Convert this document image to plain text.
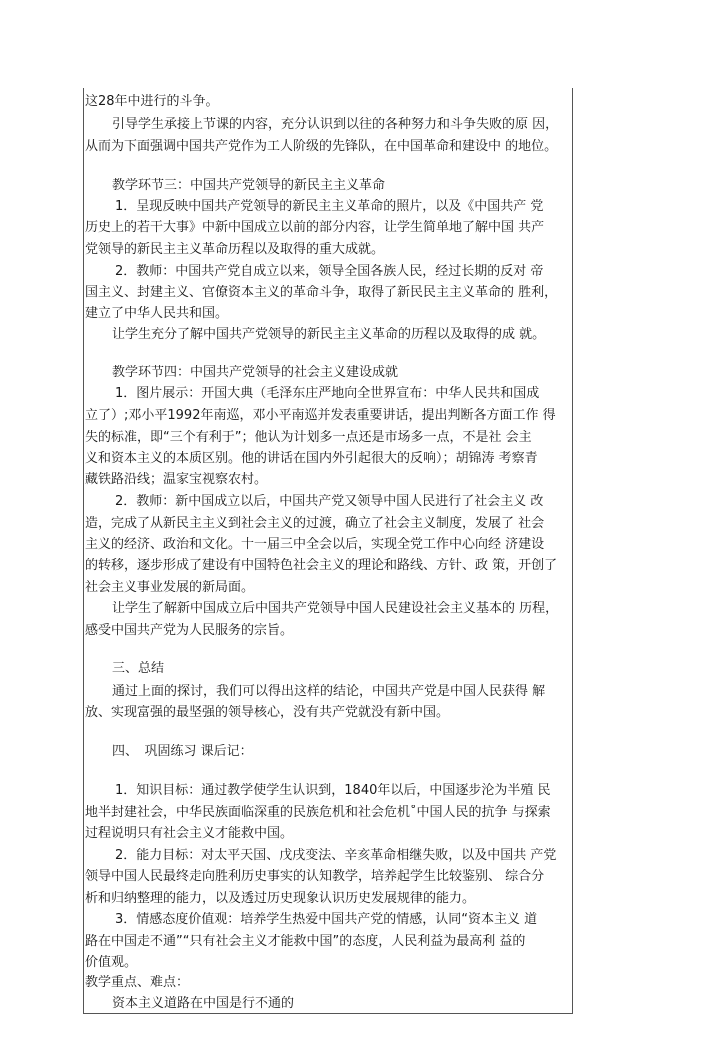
这28年中进行的斗争。
引导学生承接上节课的内容，充分认识到以往的各种努力和斗争失败的原 因，
从而为下面强调中国共产党作为工人阶级的先锋队，在中国革命和建设中 的地位。
教学环节三：中国共产党领导的新民主主义革命
1．呈现反映中国共产党领导的新民主主义革命的照片，以及《中国共产 党
历史上的若干大事》中新中国成立以前的部分内容，让学生简单地了解中国 共产
党领导的新民主主义革命历程以及取得的重大成就。
2．教师：中国共产党自成立以来，领导全国各族人民，经过长期的反对 帝
国主义、封建主义、官僚资本主义的革命斗争，取得了新民民主主义革命的 胜利，
建立了中华人民共和国。
让学生充分了解中国共产党领导的新民主主义革命的历程以及取得的成 就。
教学环节四：中国共产党领导的社会主义建设成就
1．图片展示：开国大典（毛泽东庄严地向全世界宣布：中华人民共和国成
立了）;邓小平1992年南巡，邓小平南巡并发表重要讲话，提出判断各方面工作 得
失的标准，即“三个有利于”；他认为计划多一点还是市场多一点，不是社 会主
义和资本主义的本质区别。他的讲话在国内外引起很大的反响）；胡锦涛 考察青
藏铁路沿线；温家宝视察农村。
2．教师：新中国成立以后，中国共产党又领导中国人民进行了社会主义 改
造，完成了从新民主主义到社会主义的过渡，确立了社会主义制度，发展了 社会
主义的经济、政治和文化。十一届三中全会以后，实现全党工作中心向经 济建设
的转移，逐步形成了建设有中国特色社会主义的理论和路线、方针、政 策，开创了
社会主义事业发展的新局面。
让学生了解新中国成立后中国共产党领导中国人民建设社会主义基本的 历程，
感受中国共产党为人民服务的宗旨。
三、总结
通过上面的探讨，我们可以得出这样的结论，中国共产党是中国人民获得 解
放、实现富强的最坚强的领导核心，没有共产党就没有新中国。
四、　巩固练习 课后记：
1．知识目标：通过教学使学生认识到，1840年以后，中国逐步沦为半殖 民
地半封建社会，中华民族面临深重的民族危机和社会危机˚中国人民的抗争 与探索
过程说明只有社会主义才能救中国。
2．能力目标：对太平天国、戊戌变法、辛亥革命相继失败，以及中国共 产党
领导中国人民最终走向胜利历史事实的认知教学，培养起学生比较鉴别、 综合分
析和归纳整理的能力，以及透过历史现象认识历史发展规律的能力。
3．情感态度价值观：培养学生热爱中国共产党的情感，认同“资本主义 道
路在中国走不通”“只有社会主义才能救中国”的态度，人民利益为最高利 益的
价值观。
教学重点、难点：
资本主义道路在中国是行不通的
